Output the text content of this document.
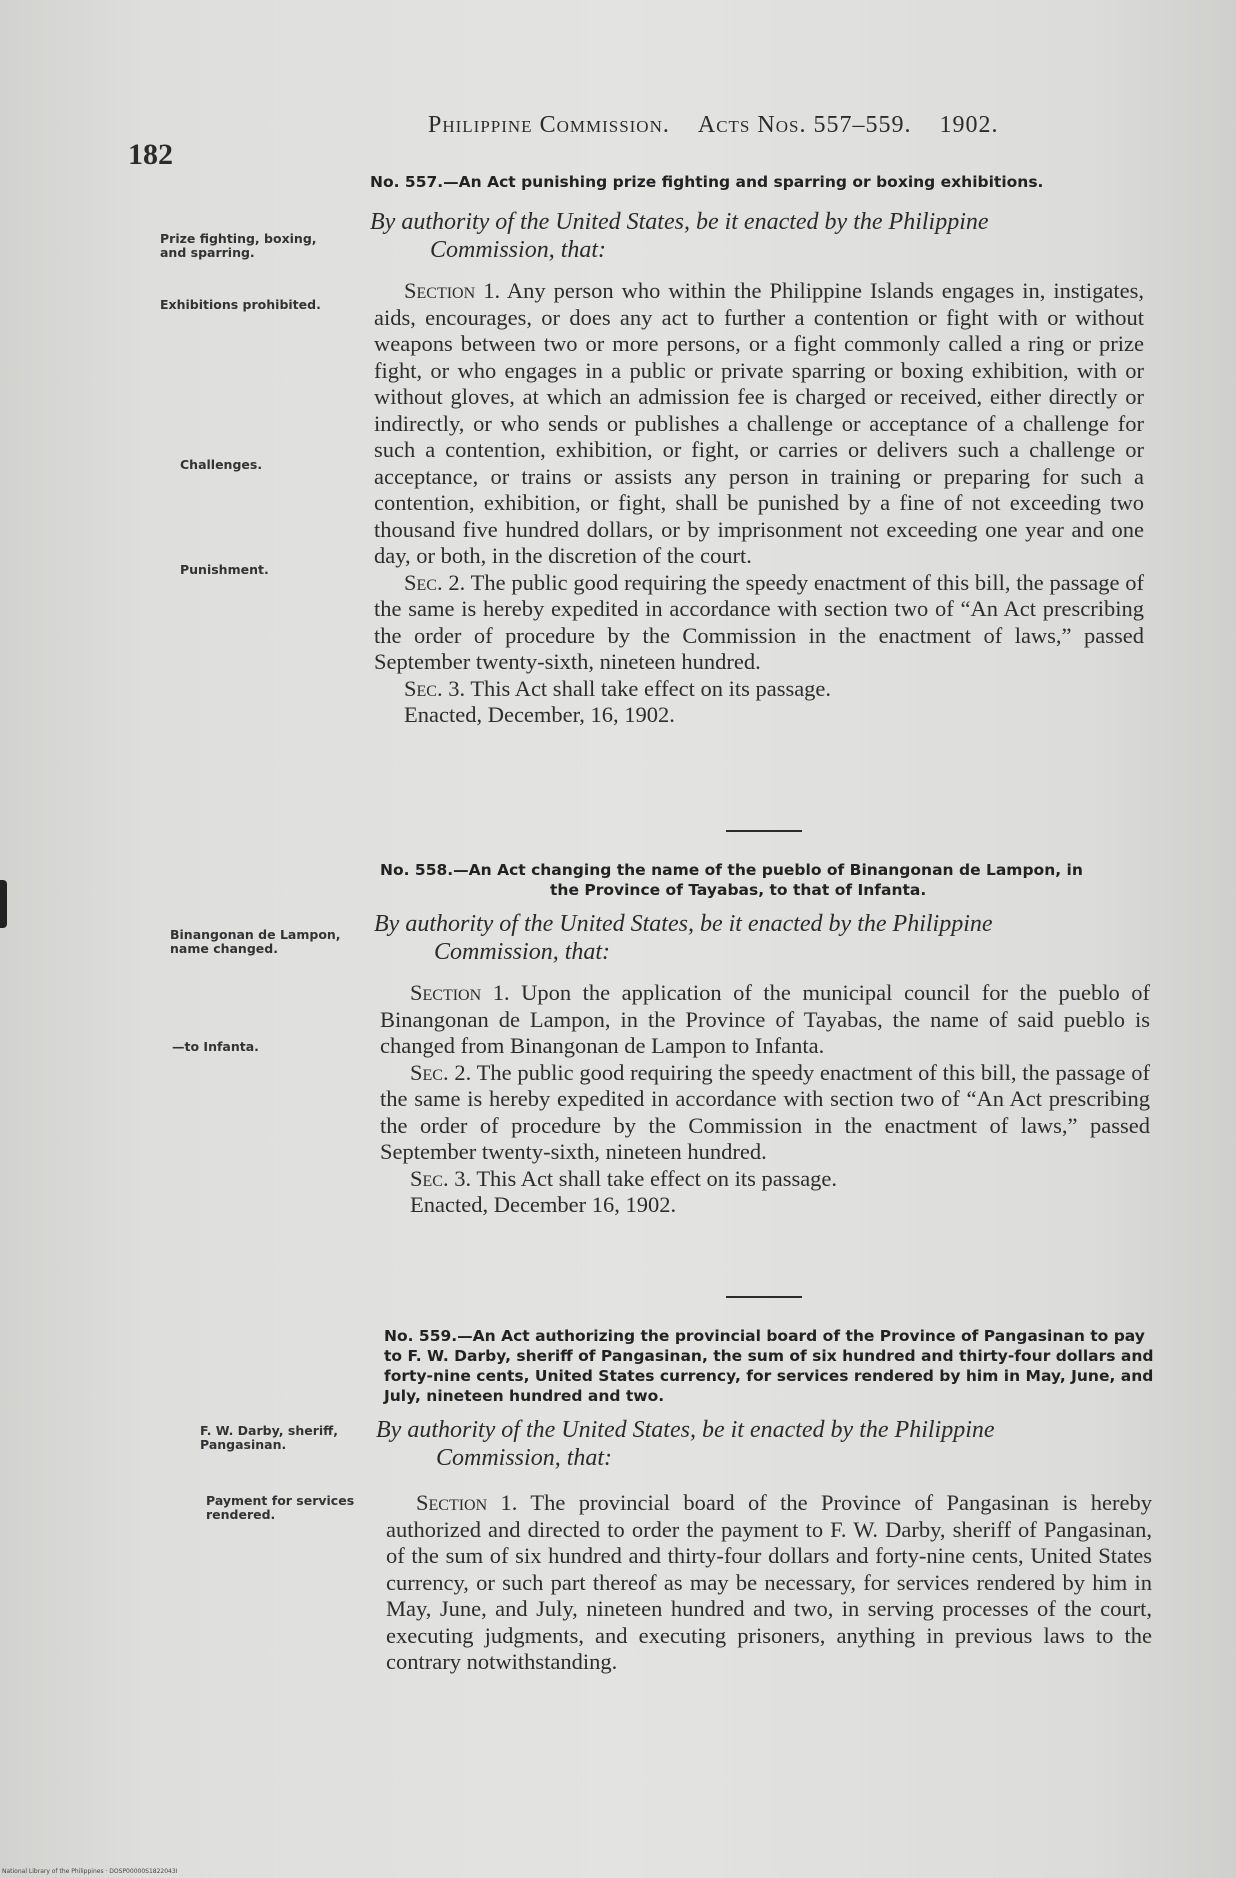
182
Philippine Commission. Acts Nos. 557–559. 1902.
No. 557.—An Act punishing prize fighting and sparring or boxing exhibitions.
By authority of the United States, be it enacted by the Philippine
Commission, that:
Prize fighting, boxing, and sparring.
Exhibitions prohibited.
Challenges.
Punishment.

Section 1. Any person who within the Philippine Islands engages in, instigates, aids, encourages, or does any act to further a contention or fight with or without weapons between two or more persons, or a fight commonly called a ring or prize fight, or who engages in a public or private sparring or boxing exhibition, with or without gloves, at which an admission fee is charged or received, either directly or indirectly, or who sends or publishes a challenge or acceptance of a challenge for such a contention, exhibition, or fight, or carries or delivers such a challenge or acceptance, or trains or assists any person in training or preparing for such a contention, exhibition, or fight, shall be punished by a fine of not exceeding two thousand five hundred dollars, or by imprisonment not exceeding one year and one day, or both, in the discretion of the court.

Sec. 2. The public good requiring the speedy enactment of this bill, the passage of the same is hereby expedited in accordance with section two of “An Act prescribing the order of procedure by the Commission in the enactment of laws,” passed September twenty-sixth, nineteen hundred.

Sec. 3. This Act shall take effect on its passage.

Enacted, December, 16, 1902.

No. 558.—An Act changing the name of the pueblo of Binangonan de Lampon, in
the Province of Tayabas, to that of Infanta.
By authority of the United States, be it enacted by the Philippine
Commission, that:
Binangonan de Lampon, name changed.
—to Infanta.

Section 1. Upon the application of the municipal council for the pueblo of Binangonan de Lampon, in the Province of Tayabas, the name of said pueblo is changed from Binangonan de Lampon to Infanta.

Sec. 2. The public good requiring the speedy enactment of this bill, the passage of the same is hereby expedited in accordance with section two of “An Act prescribing the order of procedure by the Commission in the enactment of laws,” passed September twenty-sixth, nineteen hundred.

Sec. 3. This Act shall take effect on its passage.

Enacted, December 16, 1902.

No. 559.—An Act authorizing the provincial board of the Province of Pangasinan to pay to F. W. Darby, sheriff of Pangasinan, the sum of six hundred and thirty-four dollars and forty-nine cents, United States currency, for services rendered by him in May, June, and July, nineteen hundred and two.
By authority of the United States, be it enacted by the Philippine
Commission, that:
F. W. Darby, sheriff, Pangasinan.
Payment for services rendered.	Section 1. The provincial board of the Province of Pangasinan is hereby authorized and directed to order the payment to F. W. Darby, sheriff of Pangasinan, of the sum of six hundred and thirty-four dollars and forty-nine cents, United States currency, or such part thereof as may be necessary, for services rendered by him in May, June, and July, nineteen hundred and two, in serving processes of the court, executing judgments, and executing prisoners, anything in previous laws to the contrary notwithstanding.

National Library of the Philippines · DOSP00000S1822043I
